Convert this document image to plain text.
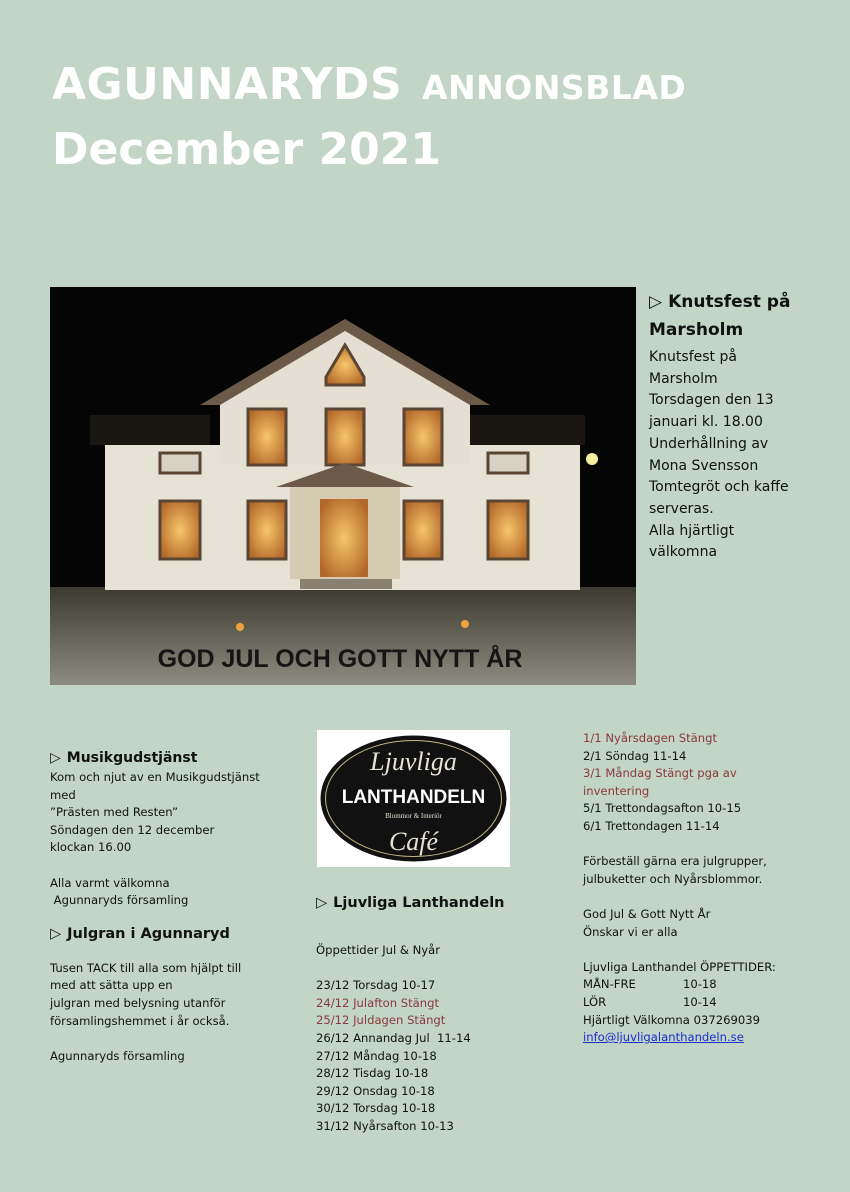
AGUNNARYDS ANNONSBLAD
December 2021
GOD JUL OCH GOTT NYTT ÅR
▷ Knutsfest på Marsholm
Knutsfest på
Marsholm
Torsdagen den 13
januari kl. 18.00
Underhållning av
Mona Svensson
Tomtegröt och kaffe
serveras.
Alla hjärtligt
välkomna
▷ Musikgudstjänst
Kom och njut av en Musikgudstjänst
med
”Prästen med Resten”
Söndagen den 12 december
klockan 16.00
Alla varmt välkomna
Agunnaryds församling
▷ Julgran i Agunnaryd
Tusen TACK till alla som hjälpt till
med att sätta upp en
julgran med belysning utanför
församlingshemmet i år också.
Agunnaryds församling
Ljuvliga
LANTHANDELN
Blommor & Interiör
Café
▷ Ljuvliga Lanthandeln
Öppettider Jul & Nyår
23/12 Torsdag 10-17
24/12 Julafton Stängt
25/12 Juldagen Stängt
26/12 Annandag Jul  11-14
27/12 Måndag 10-18
28/12 Tisdag 10-18
29/12 Onsdag 10-18
30/12 Torsdag 10-18
31/12 Nyårsafton 10-13
1/1 Nyårsdagen Stängt
2/1 Söndag 11-14
3/1 Måndag Stängt pga av
inventering
5/1 Trettondagsafton 10-15
6/1 Trettondagen 11-14
Förbeställ gärna era julgrupper,
julbuketter och Nyårsblommor.
God Jul & Gott Nytt År
Önskar vi er alla
Ljuvliga Lanthandel ÖPPETTIDER:
MÅN-FRE	10-18
LÖR	10-14
Hjärtligt Välkomna 037269039
info@ljuvligalanthandeln.se
